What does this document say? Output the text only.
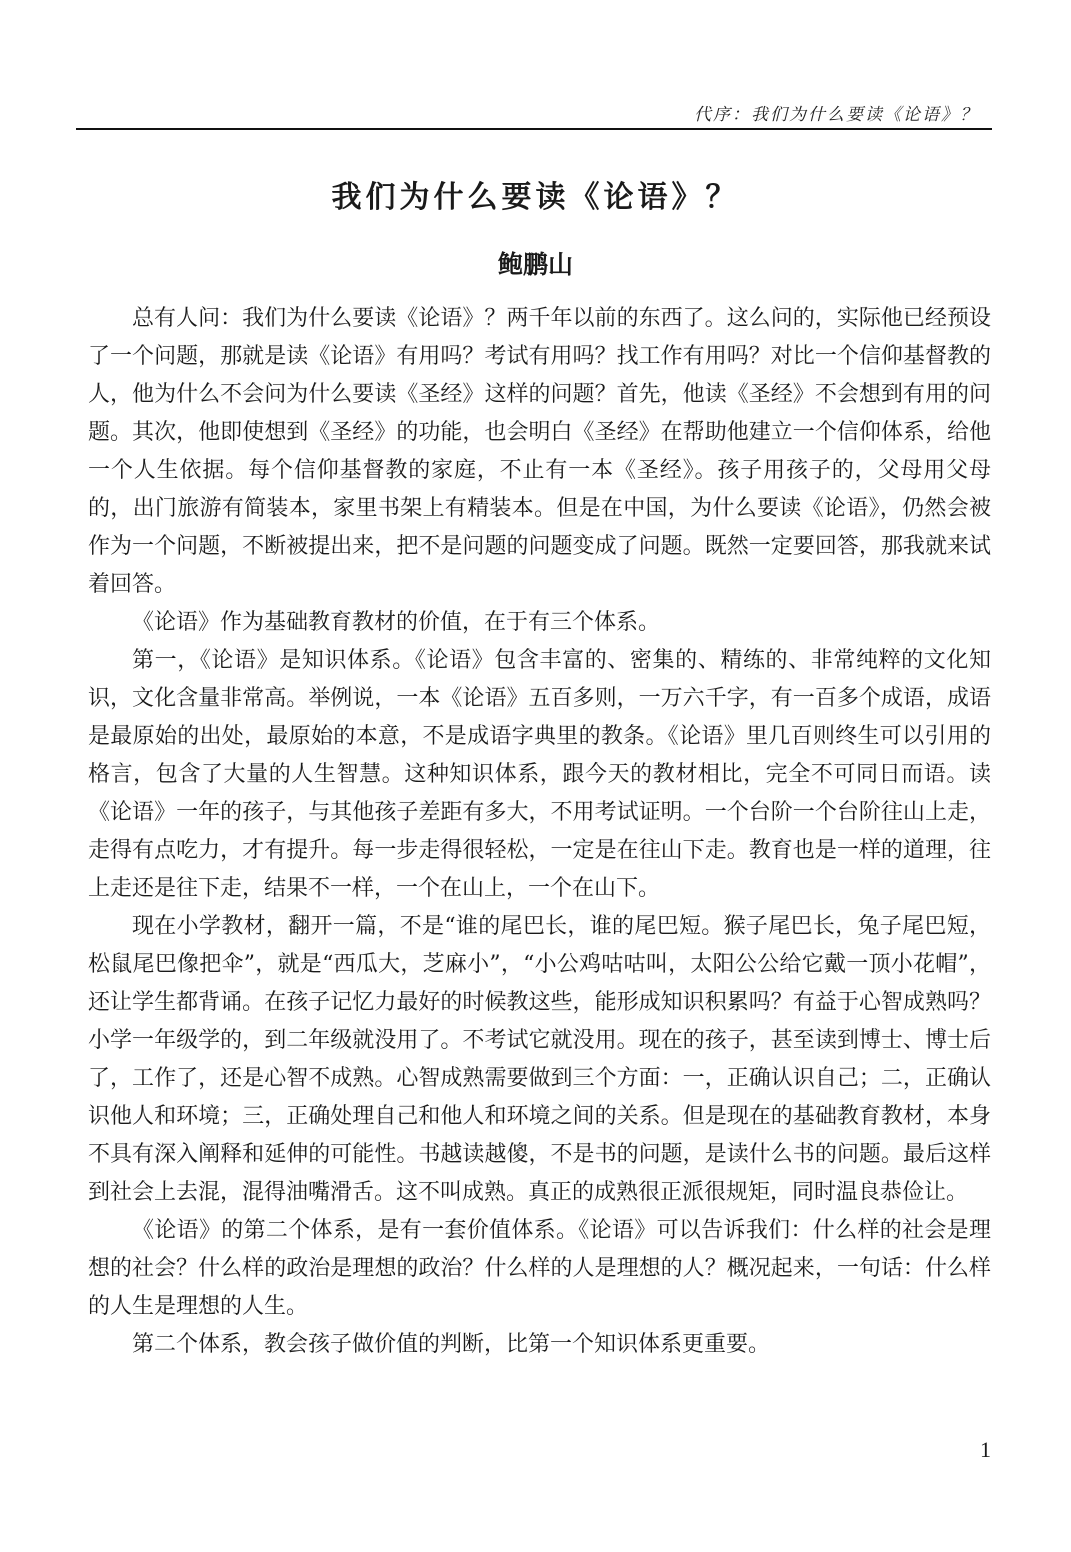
代序：我们为什么要读《论语》？
我们为什么要读《论语》？
鲍鹏山

总有人问：我们为什么要读《论语》？两千年以前的东西了。这么问的，实际他已经预设了一个问题，那就是读《论语》有用吗？考试有用吗？找工作有用吗？对比一个信仰基督教的人，他为什么不会问为什么要读《圣经》这样的问题？首先，他读《圣经》不会想到有用的问题。其次，他即使想到《圣经》的功能，也会明白《圣经》在帮助他建立一个信仰体系，给他一个人生依据。每个信仰基督教的家庭，不止有一本《圣经》。孩子用孩子的，父母用父母的，出门旅游有简装本，家里书架上有精装本。但是在中国，为什么要读《论语》，仍然会被作为一个问题，不断被提出来，把不是问题的问题变成了问题。既然一定要回答，那我就来试着回答。

《论语》作为基础教育教材的价值，在于有三个体系。

第一，《论语》是知识体系。《论语》包含丰富的、密集的、精练的、非常纯粹的文化知识，文化含量非常高。举例说，一本《论语》五百多则，一万六千字，有一百多个成语，成语是最原始的出处，最原始的本意，不是成语字典里的教条。《论语》里几百则终生可以引用的格言，包含了大量的人生智慧。这种知识体系，跟今天的教材相比，完全不可同日而语。读《论语》一年的孩子，与其他孩子差距有多大，不用考试证明。一个台阶一个台阶往山上走，走得有点吃力，才有提升。每一步走得很轻松，一定是在往山下走。教育也是一样的道理，往上走还是往下走，结果不一样，一个在山上，一个在山下。

现在小学教材，翻开一篇，不是“谁的尾巴长，谁的尾巴短。猴子尾巴长，兔子尾巴短，松鼠尾巴像把伞”，就是“西瓜大，芝麻小”，“小公鸡咕咕叫，太阳公公给它戴一顶小花帽”，还让学生都背诵。在孩子记忆力最好的时候教这些，能形成知识积累吗？有益于心智成熟吗？小学一年级学的，到二年级就没用了。不考试它就没用。现在的孩子，甚至读到博士、博士后了，工作了，还是心智不成熟。心智成熟需要做到三个方面：一，正确认识自己；二，正确认识他人和环境；三，正确处理自己和他人和环境之间的关系。但是现在的基础教育教材，本身不具有深入阐释和延伸的可能性。书越读越傻，不是书的问题，是读什么书的问题。最后这样到社会上去混，混得油嘴滑舌。这不叫成熟。真正的成熟很正派很规矩，同时温良恭俭让。

《论语》的第二个体系，是有一套价值体系。《论语》可以告诉我们：什么样的社会是理想的社会？什么样的政治是理想的政治？什么样的人是理想的人？概况起来，一句话：什么样的人生是理想的人生。

第二个体系，教会孩子做价值的判断，比第一个知识体系更重要。

1
